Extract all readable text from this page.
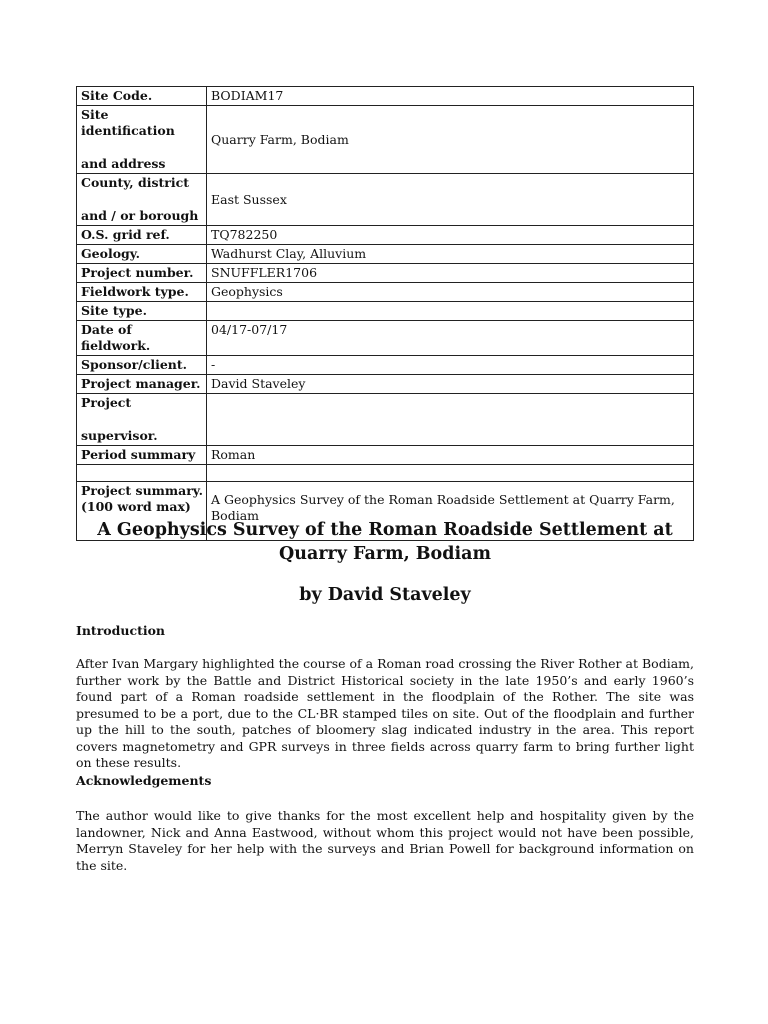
Site Code.	BODIAM17
Site identification
and address	Quarry Farm, Bodiam
County, district
and / or borough	East Sussex
O.S. grid ref.	TQ782250
Geology.	Wadhurst Clay, Alluvium
Project number.	SNUFFLER1706
Fieldwork type.	Geophysics
Site type.	
Date of fieldwork.	04/17-07/17
Sponsor/client.	-
Project manager.	David Staveley
Project
supervisor.	

Period summary	Roman

Project summary. (100 word max)	A Geophysics Survey of the Roman Roadside Settlement at Quarry Farm, Bodiam
A Geophysics Survey of the Roman Roadside Settlement at Quarry Farm, Bodiam
by David Staveley
Introduction
After Ivan Margary highlighted the course of a Roman road crossing the River Rother at Bodiam, further work by the Battle and District Historical society in the late 1950’s and early 1960’s found part of a Roman roadside settlement in the floodplain of the Rother. The site was presumed to be a port, due to the CL·BR stamped tiles on site. Out of the floodplain and further up the hill to the south, patches of bloomery slag indicated industry in the area. This report covers magnetometry and GPR surveys in three fields across quarry farm to bring further light on these results.
Acknowledgements
The author would like to give thanks for the most excellent help and hospitality given by the landowner, Nick and Anna Eastwood, without whom this project would not have been possible, Merryn Staveley for her help with the surveys and Brian Powell for background information on the site.
